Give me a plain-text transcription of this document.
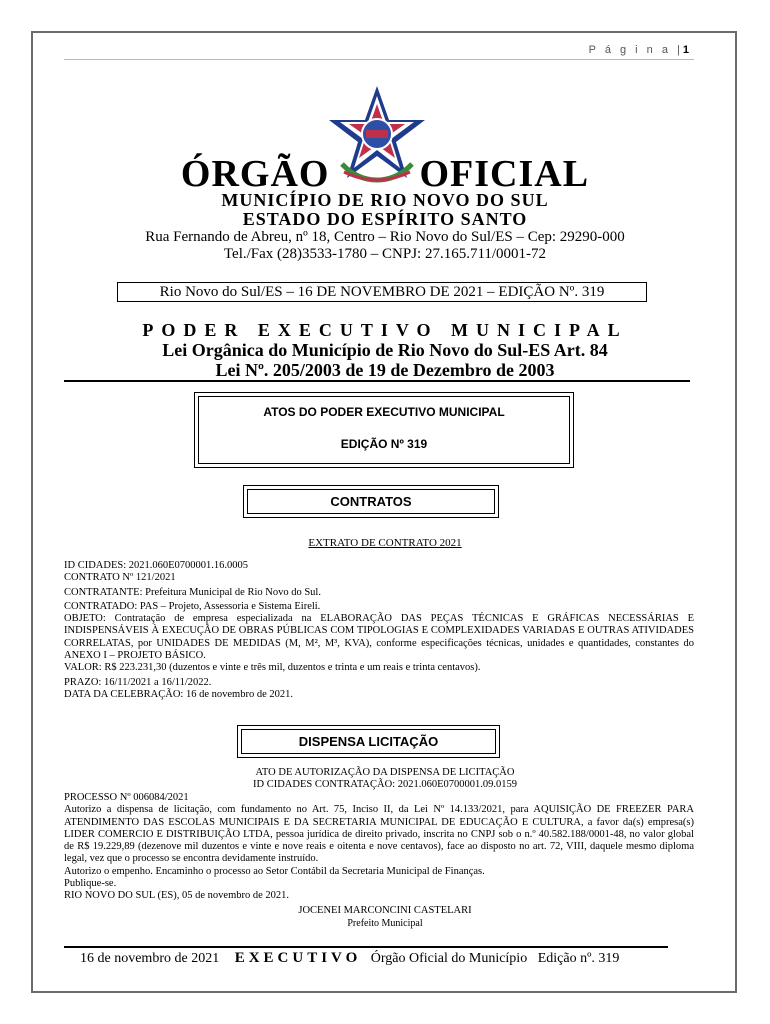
P á g i n a |1
ÓRGÃO OFICIAL
MUNICÍPIO DE RIO NOVO DO SUL
ESTADO DO ESPÍRITO SANTO
Rua Fernando de Abreu, nº 18, Centro – Rio Novo do Sul/ES – Cep: 29290-000
Tel./Fax (28)3533-1780 – CNPJ: 27.165.711/0001-72
Rio Novo do Sul/ES – 16 DE NOVEMBRO DE 2021 – EDIÇÃO Nº. 319
PODER EXECUTIVO MUNICIPAL
Lei Orgânica do Município de Rio Novo do Sul-ES Art. 84
Lei Nº. 205/2003 de 19 de Dezembro de 2003
ATOS DO PODER EXECUTIVO MUNICIPAL
EDIÇÃO Nº 319
CONTRATOS
EXTRATO DE CONTRATO 2021

ID CIDADES: 2021.060E0700001.16.0005

CONTRATO Nº 121/2021

CONTRATANTE: Prefeitura Municipal de Rio Novo do Sul.

CONTRATADO: PAS – Projeto, Assessoria e Sistema Eireli.

OBJETO: Contratação de empresa especializada na ELABORAÇÃO DAS PEÇAS TÉCNICAS E GRÁFICAS NECESSÁRIAS E INDISPENSÁVEIS À EXECUÇÃO DE OBRAS PÚBLICAS COM TIPOLOGIAS E COMPLEXIDADES VARIADAS E OUTRAS ATIVIDADES CORRELATAS, por UNIDADES DE MEDIDAS (M, M², M³, KVA), conforme especificações técnicas, unidades e quantidades, constantes do ANEXO I – PROJETO BÁSICO.

VALOR: R$ 223.231,30 (duzentos e vinte e três mil, duzentos e trinta e um reais e trinta centavos).

PRAZO: 16/11/2021 a 16/11/2022.

DATA DA CELEBRAÇÃO: 16 de novembro de 2021.

DISPENSA LICITAÇÃO
ATO DE AUTORIZAÇÃO DA DISPENSA DE LICITAÇÃO
ID CIDADES CONTRATAÇÃO: 2021.060E0700001.09.0159

PROCESSO Nº 006084/2021

Autorizo a dispensa de licitação, com fundamento no Art. 75, Inciso II, da Lei Nº 14.133/2021, para AQUISIÇÃO DE FREEZER PARA ATENDIMENTO DAS ESCOLAS MUNICIPAIS E DA SECRETARIA MUNICIPAL DE EDUCAÇÃO E CULTURA, a favor da(s) empresa(s) LIDER COMERCIO E DISTRIBUIÇÃO LTDA, pessoa jurídica de direito privado, inscrita no CNPJ sob o n.º 40.582.188/0001-48, no valor global de R$ 19.229,89 (dezenove mil duzentos e vinte e nove reais e oitenta e nove centavos), face ao disposto no art. 72, VIII, daquele mesmo diploma legal, vez que o processo se encontra devidamente instruído.

Autorizo o empenho. Encaminho o processo ao Setor Contábil da Secretaria Municipal de Finanças.

Publique-se.

RIO NOVO DO SUL (ES), 05 de novembro de 2021.

JOCENEI MARCONCINI CASTELARI
Prefeito Municipal
16 de novembro de 2021 EXECUTIVO Órgão Oficial do Município Edição nº. 319
